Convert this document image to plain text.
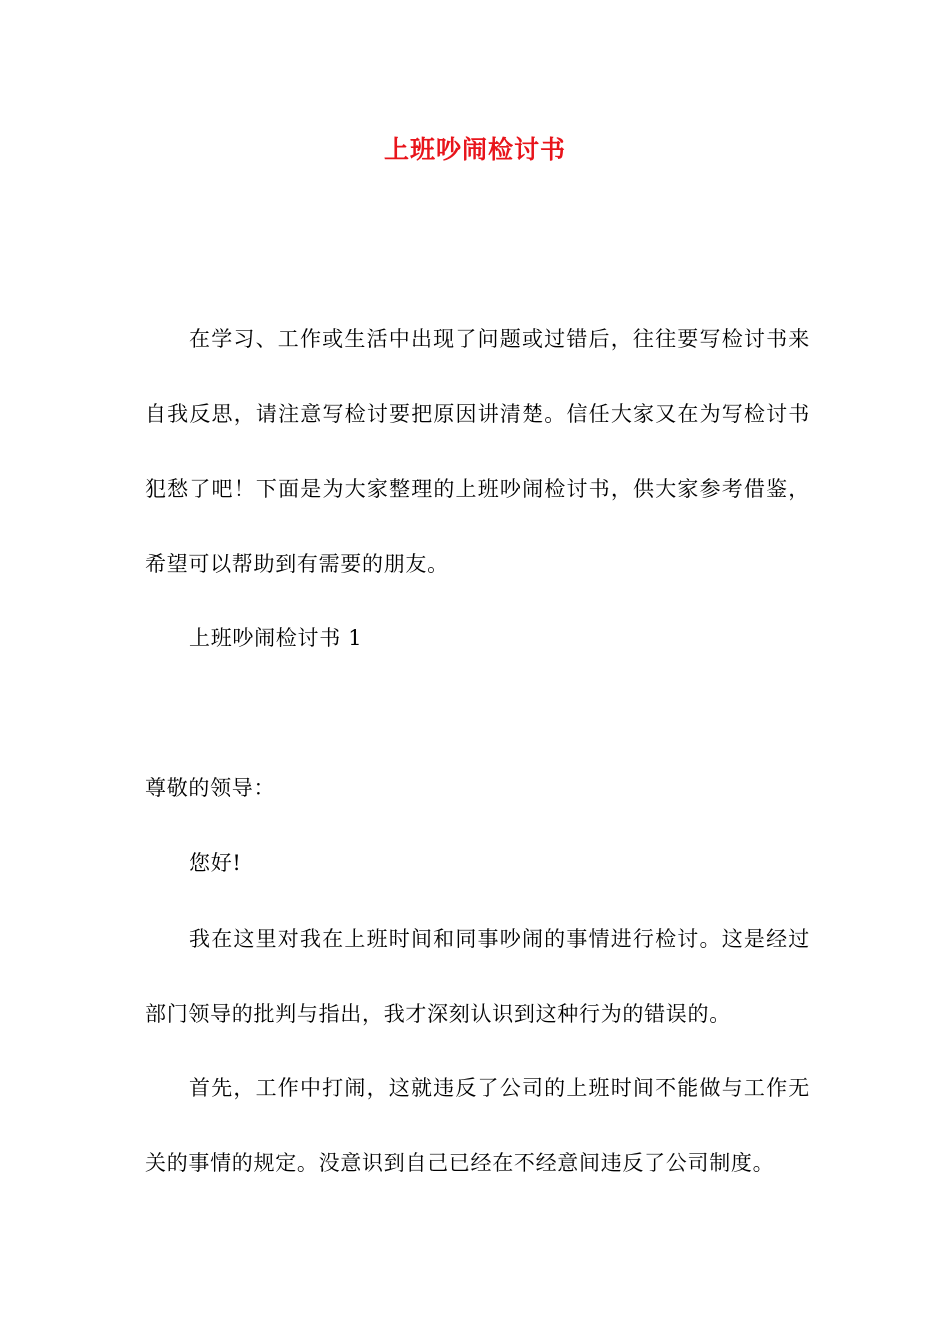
上班吵闹检讨书

在学习、工作或生活中出现了问题或过错后，往往要写检讨书来自我反思，请注意写检讨要把原因讲清楚。信任大家又在为写检讨书犯愁了吧！下面是为大家整理的上班吵闹检讨书，供大家参考借鉴，希望可以帮助到有需要的朋友。

上班吵闹检讨书 1

尊敬的领导：

您好!

我在这里对我在上班时间和同事吵闹的事情进行检讨。这是经过部门领导的批判与指出，我才深刻认识到这种行为的错误的。

首先，工作中打闹，这就违反了公司的上班时间不能做与工作无关的事情的规定。没意识到自己已经在不经意间违反了公司制度。
